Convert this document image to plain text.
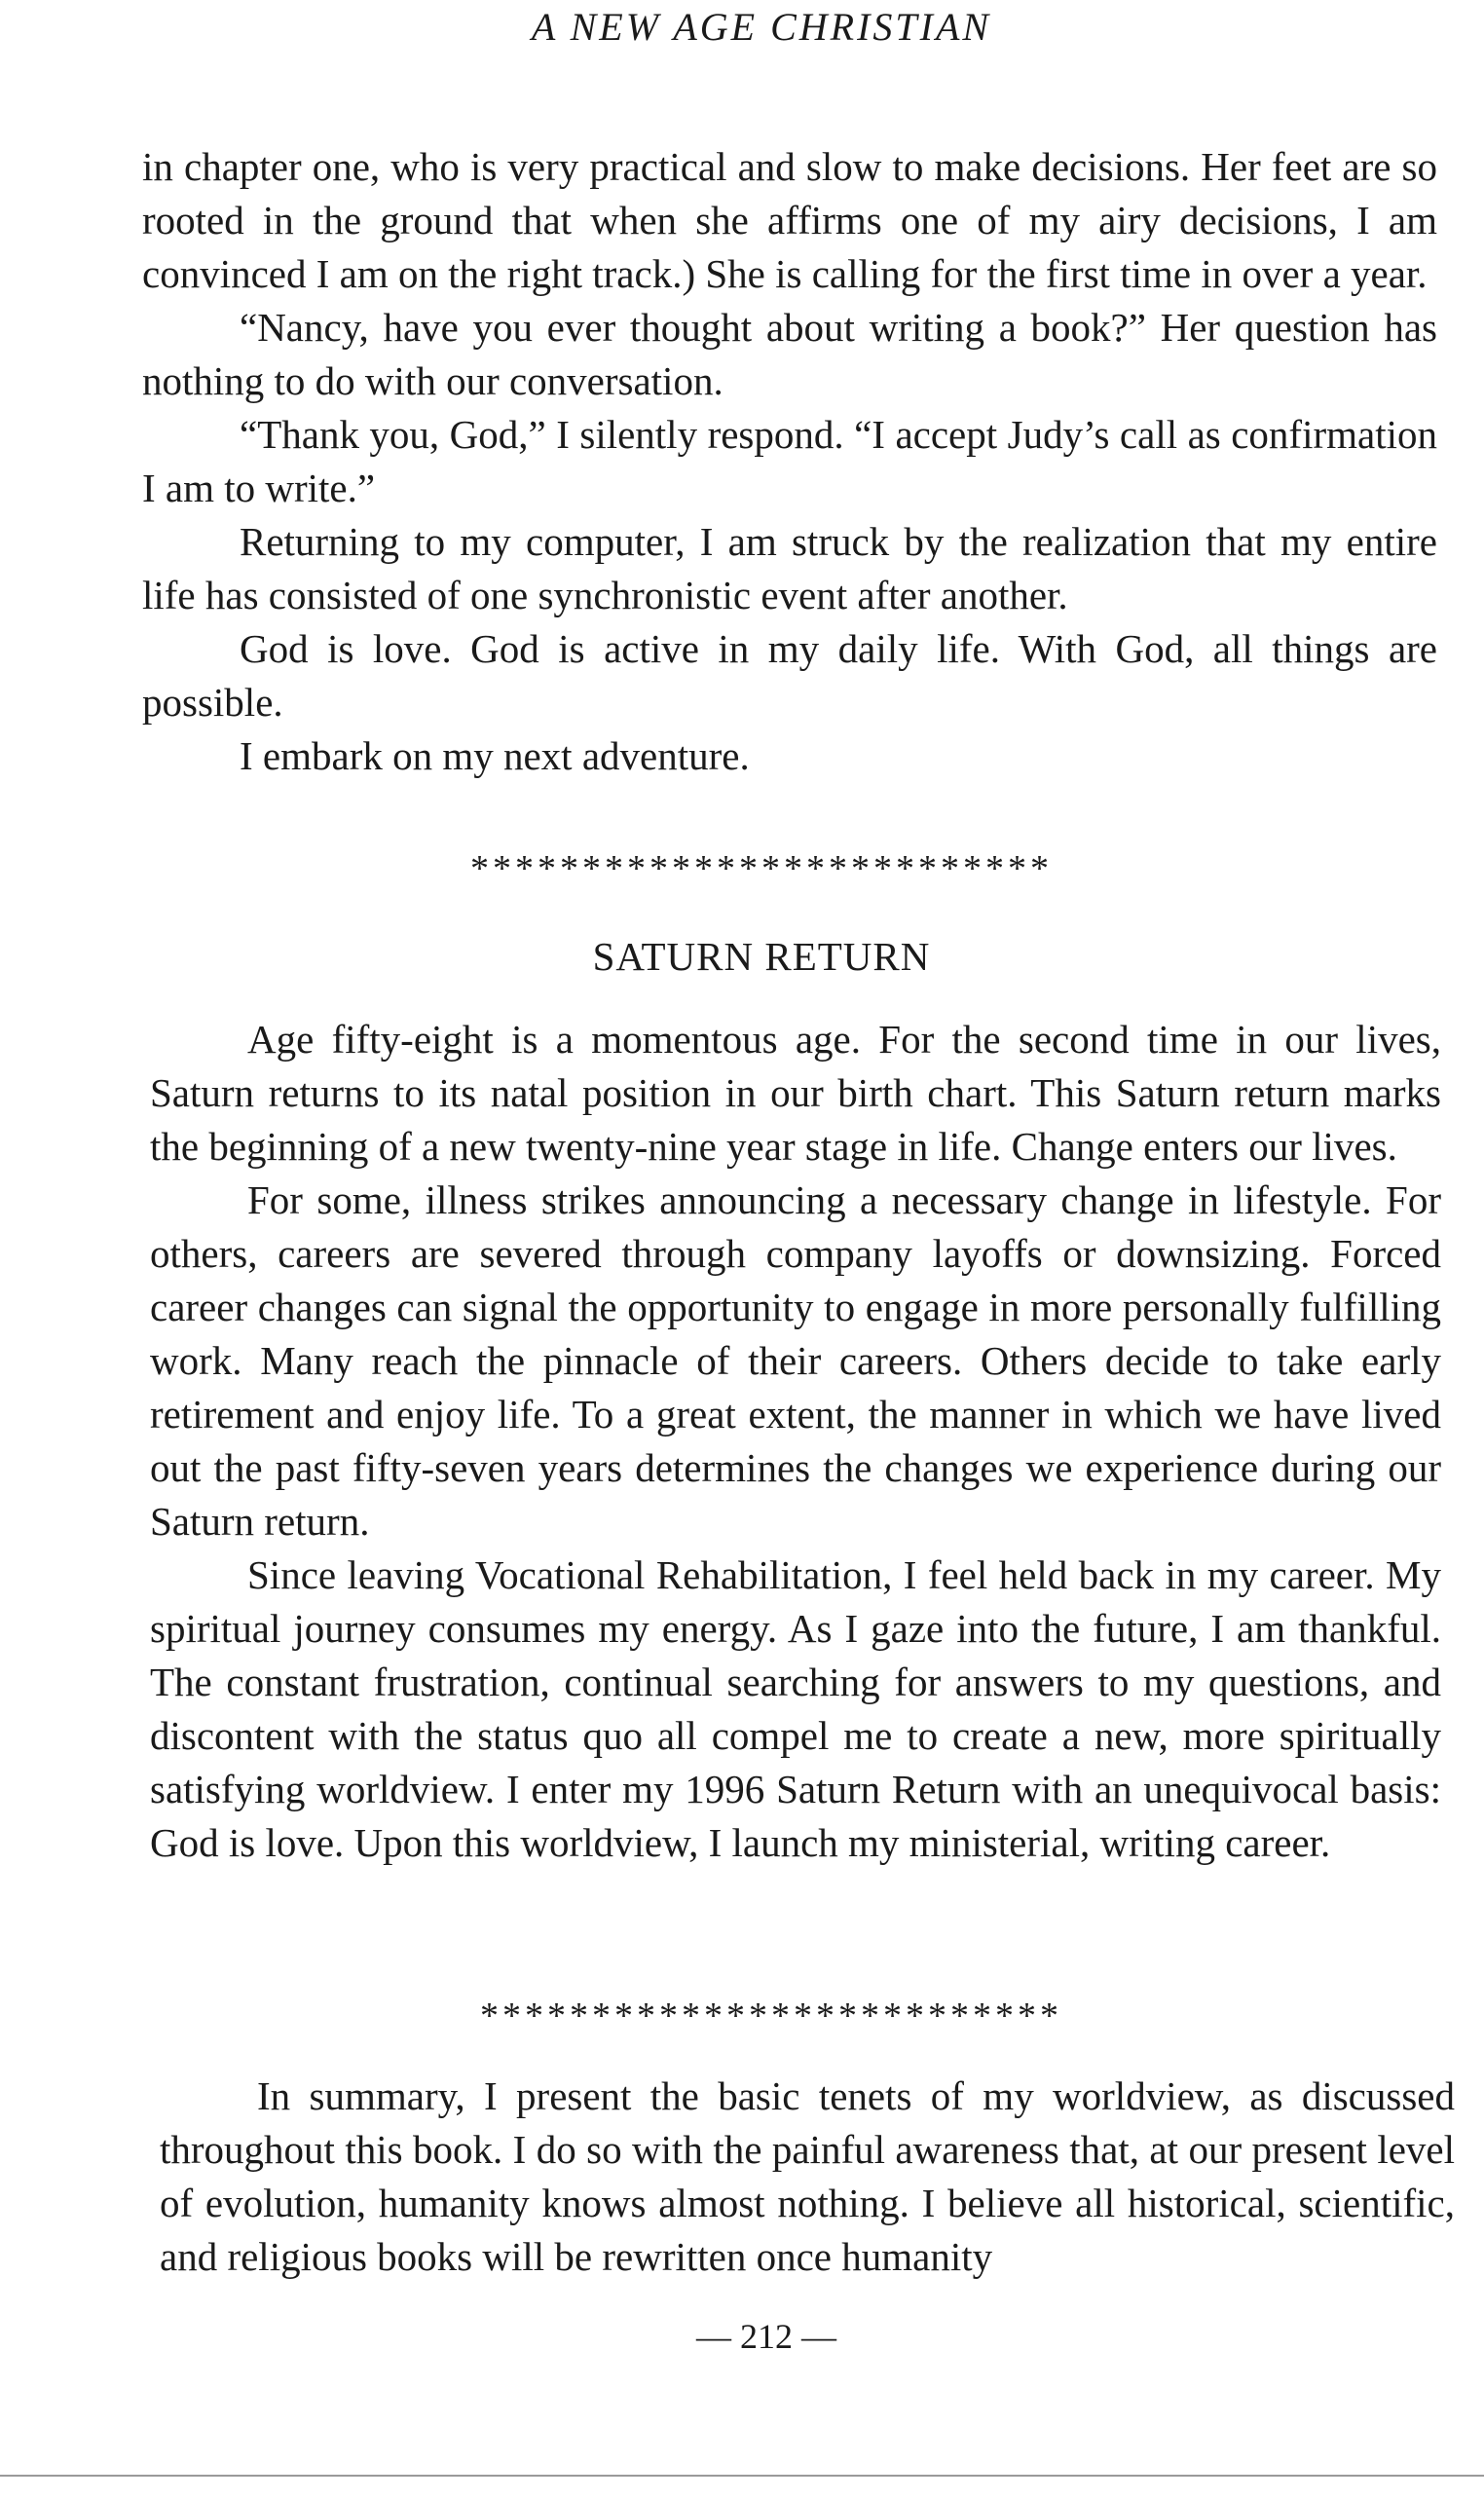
A NEW AGE CHRISTIAN

in chapter one, who is very practical and slow to make decisions. Her feet are so rooted in the ground that when she affirms one of my airy decisions, I am convinced I am on the right track.) She is calling for the first time in over a year.

“Nancy, have you ever thought about writing a book?” Her question has nothing to do with our conversation.

“Thank you, God,” I silently respond. “I accept Judy’s call as confirmation I am to write.”

Returning to my computer, I am struck by the realization that my entire life has consisted of one synchronistic event after another.

God is love. God is active in my daily life. With God, all things are possible.

I embark on my next adventure.

**************************
SATURN RETURN

Age fifty-eight is a momentous age. For the second time in our lives, Saturn returns to its natal position in our birth chart. This Saturn return marks the beginning of a new twenty-nine year stage in life. Change enters our lives.

For some, illness strikes announcing a necessary change in lifestyle. For others, careers are severed through company layoffs or downsizing. Forced career changes can signal the opportunity to engage in more personally fulfilling work. Many reach the pinnacle of their careers. Others decide to take early retirement and enjoy life. To a great extent, the manner in which we have lived out the past fifty-seven years determines the changes we experience during our Saturn return.

Since leaving Vocational Rehabilitation, I feel held back in my career. My spiritual journey consumes my energy. As I gaze into the future, I am thankful. The constant frustration, continual searching for answers to my questions, and discontent with the status quo all compel me to create a new, more spiritually satisfying worldview. I enter my 1996 Saturn Return with an unequivocal basis: God is love. Upon this worldview, I launch my ministerial, writing career.

**************************

In summary, I present the basic tenets of my worldview, as discussed throughout this book. I do so with the painful awareness that, at our present level of evolution, humanity knows almost nothing. I believe all historical, scientific, and religious books will be rewritten once humanity

— 212 —
